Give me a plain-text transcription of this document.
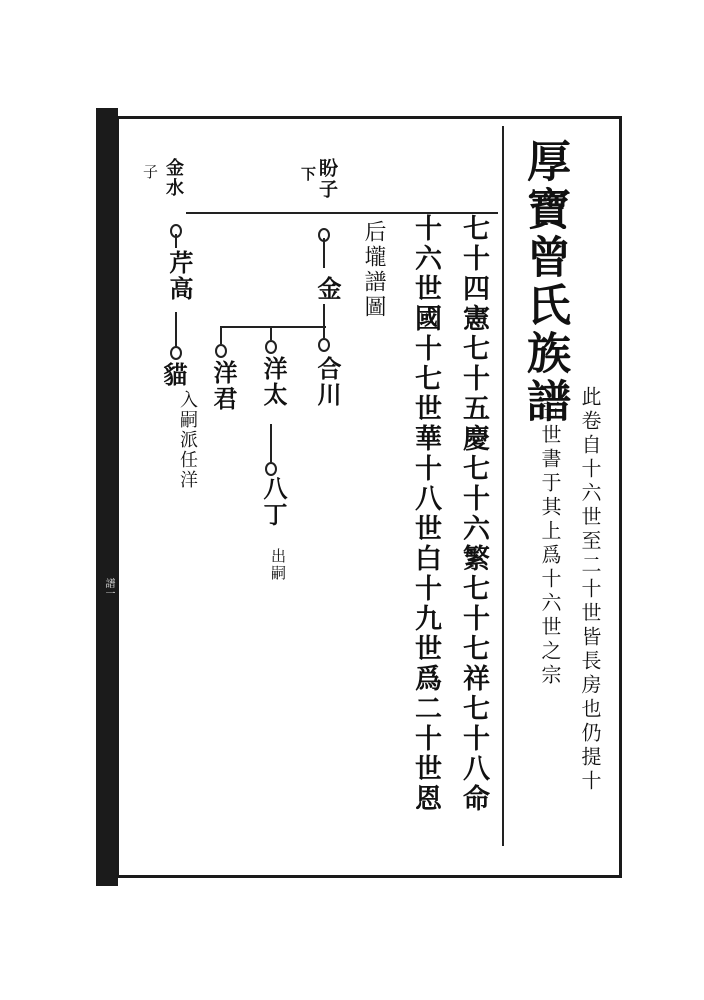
譜一
厚寶曾氏族譜
此卷自十六世至二十世皆長房也仍提十
五世書于其上爲十六世之宗
七十四憲七十五慶七十六繁七十七祥七十八命
十六世國十七世華十八世白十九世爲二十世恩
后壠譜圖
下 盼子
金
合川
洋太
八丁
出嗣
洋君
子 金水
芹高
貓
入嗣派任洋
